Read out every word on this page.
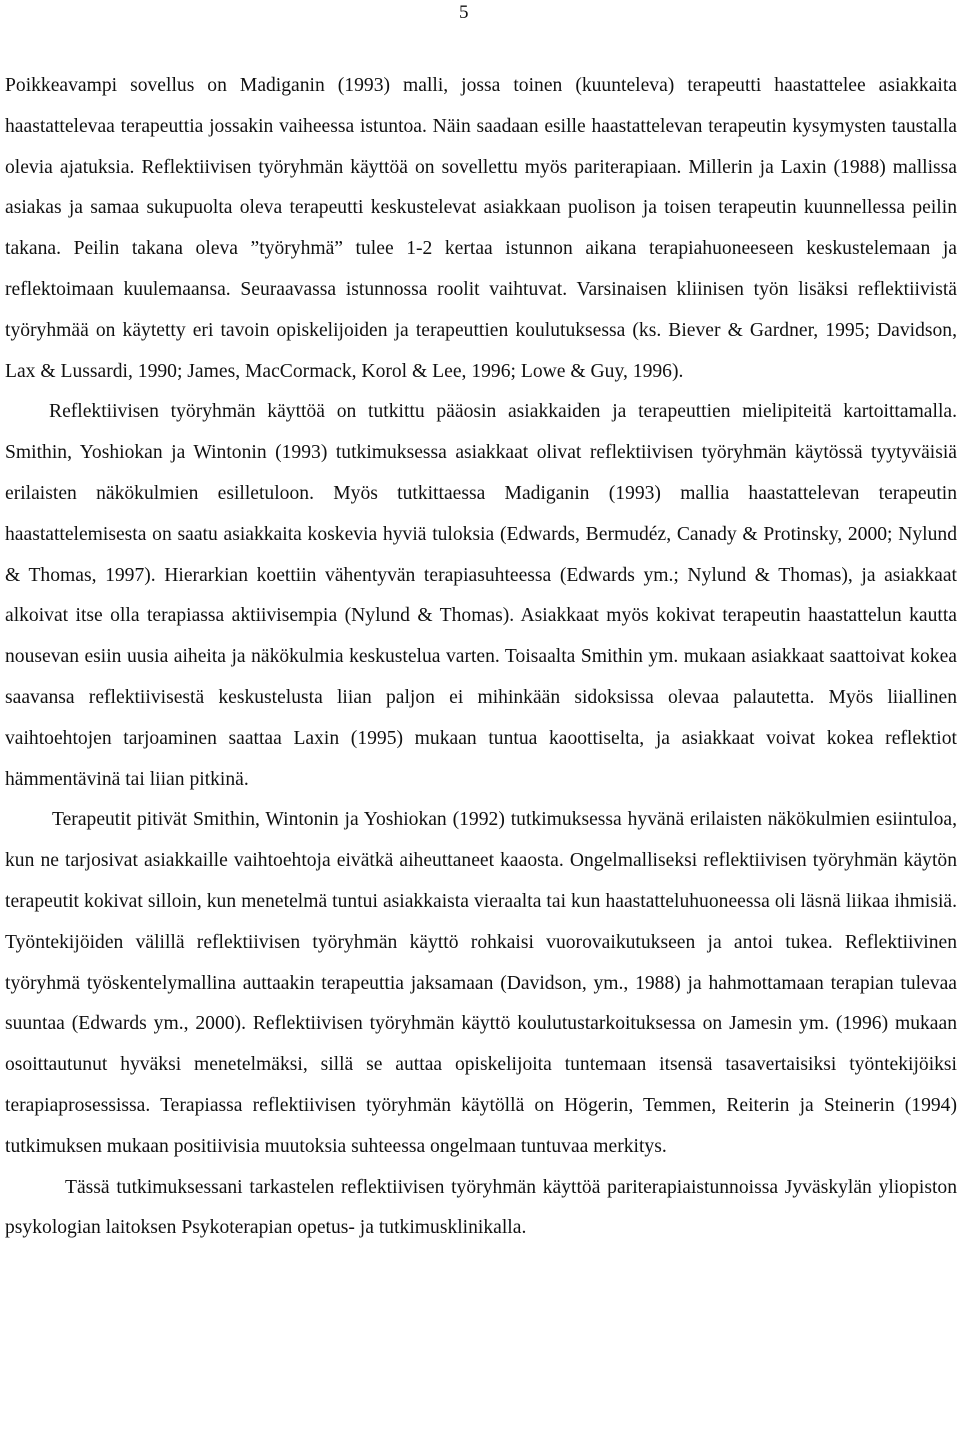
5

Poikkeavampi sovellus on Madiganin (1993) malli, jossa toinen (kuunteleva) terapeutti haastattelee asiakkaita haastattelevaa terapeuttia jossakin vaiheessa istuntoa. Näin saadaan esille haastattelevan terapeutin kysymysten taustalla olevia ajatuksia. Reflektiivisen työryhmän käyttöä on sovellettu myös pariterapiaan. Millerin ja Laxin (1988) mallissa asiakas ja samaa sukupuolta oleva terapeutti keskustelevat asiakkaan puolison ja toisen terapeutin kuunnellessa peilin takana. Peilin takana oleva ”työryhmä” tulee 1-2 kertaa istunnon aikana terapiahuoneeseen keskustelemaan ja reflektoimaan kuulemaansa. Seuraavassa istunnossa roolit vaihtuvat. Varsinaisen kliinisen työn lisäksi reflektiivistä työryhmää on käytetty eri tavoin opiskelijoiden ja terapeuttien koulutuksessa (ks. Biever & Gardner, 1995; Davidson, Lax & Lussardi, 1990; James, MacCormack, Korol & Lee, 1996; Lowe & Guy, 1996).

Reflektiivisen työryhmän käyttöä on tutkittu pääosin asiakkaiden ja terapeuttien mielipiteitä kartoittamalla. Smithin, Yoshiokan ja Wintonin (1993) tutkimuksessa asiakkaat olivat reflektiivisen työryhmän käytössä tyytyväisiä erilaisten näkökulmien esilletuloon. Myös tutkittaessa Madiganin (1993) mallia haastattelevan terapeutin haastattelemisesta on saatu asiakkaita koskevia hyviä tuloksia (Edwards, Bermudéz, Canady & Protinsky, 2000; Nylund & Thomas, 1997). Hierarkian koettiin vähentyvän terapiasuhteessa (Edwards ym.; Nylund & Thomas), ja asiakkaat alkoivat itse olla terapiassa aktiivisempia (Nylund & Thomas). Asiakkaat myös kokivat terapeutin haastattelun kautta nousevan esiin uusia aiheita ja näkökulmia keskustelua varten. Toisaalta Smithin ym. mukaan asiakkaat saattoivat kokea saavansa reflektiivisestä keskustelusta liian paljon ei mihinkään sidoksissa olevaa palautetta. Myös liiallinen vaihtoehtojen tarjoaminen saattaa Laxin (1995) mukaan tuntua kaoottiselta, ja asiakkaat voivat kokea reflektiot hämmentävinä tai liian pitkinä.

Terapeutit pitivät Smithin, Wintonin ja Yoshiokan (1992) tutkimuksessa hyvänä erilaisten näkökulmien esiintuloa, kun ne tarjosivat asiakkaille vaihtoehtoja eivätkä aiheuttaneet kaaosta. Ongelmalliseksi reflektiivisen työryhmän käytön terapeutit kokivat silloin, kun menetelmä tuntui asiakkaista vieraalta tai kun haastatteluhuoneessa oli läsnä liikaa ihmisiä. Työntekijöiden välillä reflektiivisen työryhmän käyttö rohkaisi vuorovaikutukseen ja antoi tukea. Reflektiivinen työryhmä työskentelymallina auttaakin terapeuttia jaksamaan (Davidson, ym., 1988) ja hahmottamaan terapian tulevaa suuntaa (Edwards ym., 2000). Reflektiivisen työryhmän käyttö koulutustarkoituksessa on Jamesin ym. (1996) mukaan osoittautunut hyväksi menetelmäksi, sillä se auttaa opiskelijoita tuntemaan itsensä tasavertaisiksi työntekijöiksi terapiaprosessissa. Terapiassa reflektiivisen työryhmän käytöllä on Högerin, Temmen, Reiterin ja Steinerin (1994) tutkimuksen mukaan positiivisia muutoksia suhteessa ongelmaan tuntuvaa merkitys.

Tässä tutkimuksessani tarkastelen reflektiivisen työryhmän käyttöä pariterapiaistunnoissa Jyväskylän yliopiston psykologian laitoksen Psykoterapian opetus- ja tutkimusklinikalla.
